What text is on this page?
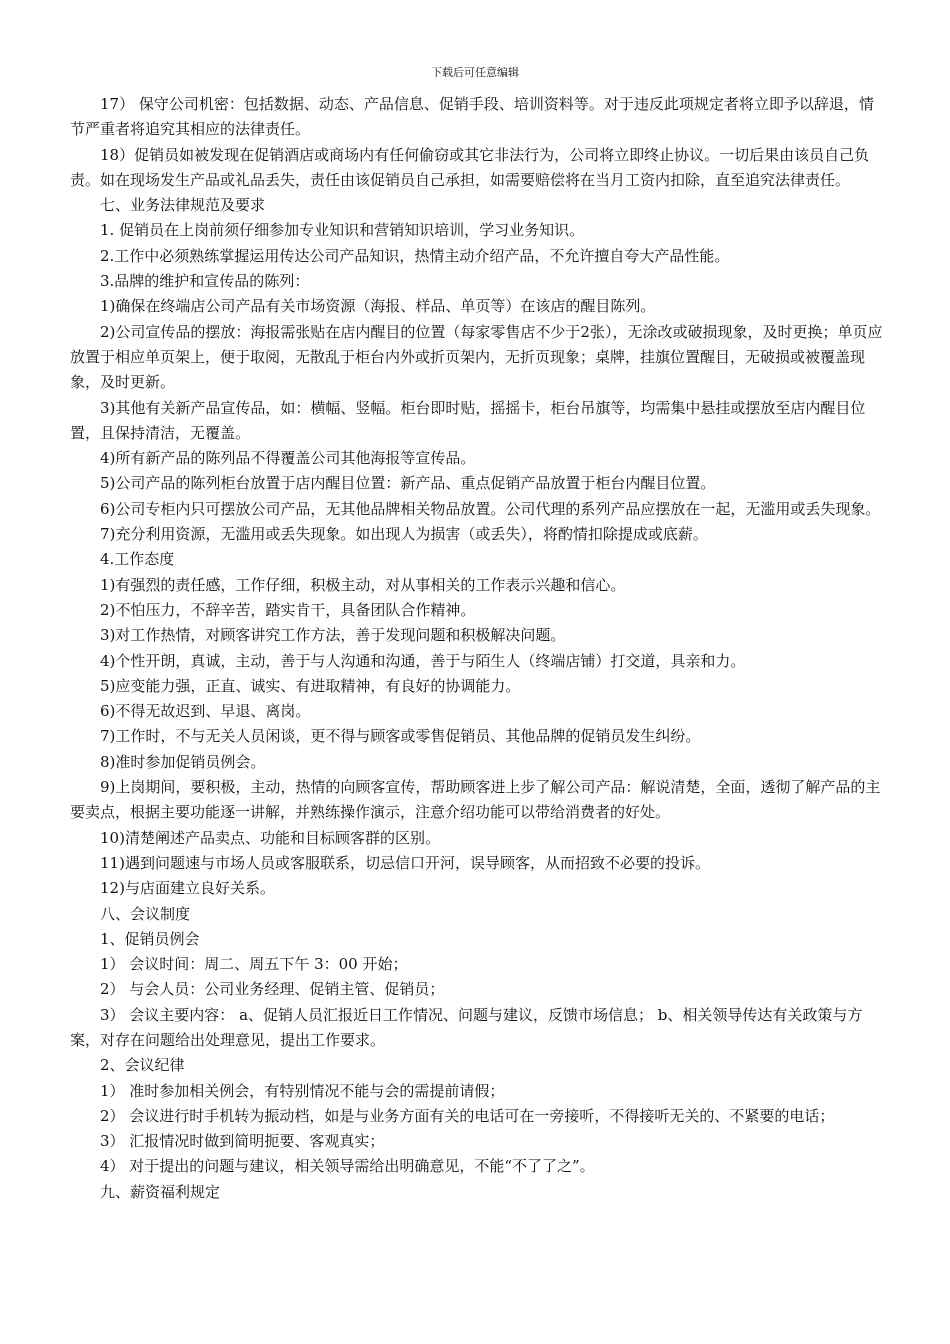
下载后可任意编辑

17） 保守公司机密：包括数据、动态、产品信息、促销手段、培训资料等。对于违反此项规定者将立即予以辞退，情节严重者将追究其相应的法律责任。

18）促销员如被发现在促销酒店或商场内有任何偷窃或其它非法行为，公司将立即终止协议。一切后果由该员自己负责。如在现场发生产品或礼品丢失，责任由该促销员自己承担，如需要赔偿将在当月工资内扣除，直至追究法律责任。

七、业务法律规范及要求

1. 促销员在上岗前须仔细参加专业知识和营销知识培训，学习业务知识。

2.工作中必须熟练掌握运用传达公司产品知识，热情主动介绍产品，不允许擅自夸大产品性能。

3.品牌的维护和宣传品的陈列：

1)确保在终端店公司产品有关市场资源（海报、样品、单页等）在该店的醒目陈列。

2)公司宣传品的摆放：海报需张贴在店内醒目的位置（每家零售店不少于2张），无涂改或破损现象，及时更换；单页应放置于相应单页架上，便于取阅，无散乱于柜台内外或折页架内，无折页现象；桌牌，挂旗位置醒目，无破损或被覆盖现象，及时更新。

3)其他有关新产品宣传品，如：横幅、竖幅。柜台即时贴，摇摇卡，柜台吊旗等，均需集中悬挂或摆放至店内醒目位置，且保持清洁，无覆盖。

4)所有新产品的陈列品不得覆盖公司其他海报等宣传品。

5)公司产品的陈列柜台放置于店内醒目位置：新产品、重点促销产品放置于柜台内醒目位置。

6)公司专柜内只可摆放公司产品，无其他品牌相关物品放置。公司代理的系列产品应摆放在一起，无滥用或丢失现象。

7)充分利用资源，无滥用或丢失现象。如出现人为损害（或丢失），将酌情扣除提成或底薪。

4.工作态度

1)有强烈的责任感，工作仔细，积极主动，对从事相关的工作表示兴趣和信心。

2)不怕压力，不辞辛苦，踏实肯干，具备团队合作精神。

3)对工作热情，对顾客讲究工作方法，善于发现问题和积极解决问题。

4)个性开朗，真诚，主动，善于与人沟通和沟通，善于与陌生人（终端店铺）打交道，具亲和力。

5)应变能力强，正直、诚实、有进取精神，有良好的协调能力。

6)不得无故迟到、早退、离岗。

7)工作时，不与无关人员闲谈，更不得与顾客或零售促销员、其他品牌的促销员发生纠纷。

8)准时参加促销员例会。

9)上岗期间，要积极，主动，热情的向顾客宣传，帮助顾客进上步了解公司产品：解说清楚，全面，透彻了解产品的主要卖点，根据主要功能逐一讲解，并熟练操作演示，注意介绍功能可以带给消费者的好处。

10)清楚阐述产品卖点、功能和目标顾客群的区别。

11)遇到问题速与市场人员或客服联系，切忌信口开河，误导顾客，从而招致不必要的投诉。

12)与店面建立良好关系。

八、会议制度

1、促销员例会

1） 会议时间：周二、周五下午 3：00 开始；

2） 与会人员：公司业务经理、促销主管、促销员；

3） 会议主要内容： a、促销人员汇报近日工作情况、问题与建议，反馈市场信息； b、相关领导传达有关政策与方案，对存在问题给出处理意见，提出工作要求。

2、会议纪律

1） 准时参加相关例会，有特别情况不能与会的需提前请假；

2） 会议进行时手机转为振动档，如是与业务方面有关的电话可在一旁接听，不得接听无关的、不紧要的电话；

3） 汇报情况时做到简明扼要、客观真实；

4） 对于提出的问题与建议，相关领导需给出明确意见，不能“不了了之”。

九、薪资福利规定
